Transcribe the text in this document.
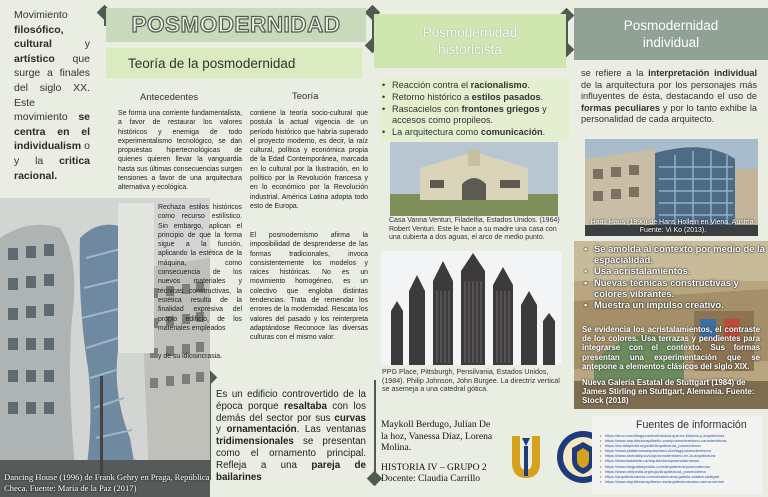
Movimiento filosófico, cultural y artístico que surge a finales del siglo XX. Este movimiento se centra en el individualism o y la critica racional.
Dancing House (1996) de Frank Gehry en Praga, República Checa. Fuente: Maria de la Paz (2017)
POSMODERNIDAD
Teoría de la posmodernidad
Antecedentes	Teoría
Se forma una corriente fundamentalista, a favor de restaurar los valores históricos y enemiga de todo experimentalismo tecnológico, se dan propuestas hipertecnológicas de quienes quieren llevar la vanguardia hasta sus últimas consecuencias surgen tensiones a favor de una arquitectura alternativa y ecológica.
Rechaza estilos históricos como recurso estilístico. Sin embargo, aplican el principio de que la forma sigue a la función, aplicando la estética de la máquina, como consecuencia de los nuevos materiales y técnicas constructivas, la estética resulta de la finalidad expresiva del propio edificio, de los materiales empleados
y de su idiosincrasia.
contiene la teoría socio-cultural que postula la actual vigencia de un período histórico que habría superado el proyecto moderno, es decir, la raíz cultural, política y económica propia de la Edad Contemporánea, marcada en lo cultural por la Ilustración, en lo político por la Revolución francesa y en lo económico por la Revolución industrial. América Latina adopta todo esto de Europa.
El posmodernismo afirma la imposibilidad de desprenderse de las formas tradicionales, invoca consistentemente los modelos y raíces históricas. No es un movimiento homogéneo, es un colectivo que engloba distintas tendencias. Trata de remendar los errores de la modernidad. Rescata los valores del pasado y los reinterpreta adaptándose Reconoce las diversas culturas con el mismo valor.
Es un edificio controvertido de la época porque resaltaba con los demás del sector por sus curvas y ornamentación. Las ventanas tridimensionales se presentan como el ornamento principal. Refleja a una pareja de bailarines
Posmodernidad
historicista
• Reacción contra el racionalismo.
• Retorno histórico a estilos pasados.
• Rascacielos con frontones griegos y accesos como propileos.
• La arquitectura como comunicación.
Casa Vanna Venturi, Filadelfia, Estados Unidos. (1964) Robert Venturi. Este le hace a su madre una casa con una cubierta a dos aguas, el arco de medio punto.
PPG Place, Pittsburgh, Pensilvania, Estados Unidos, (1984). Philip Johnson, John Burgee. La directriz vertical se asemeja a una catedral gótica.
Maykoll Berdugo, Julian De la hoz, Vanessa Díaz, Lorena Molina.
HISTORIA IV – GRUPO 2
Docente: Claudia Carrillo
Posmodernidad
individual
se refiere a la interpretación individual de la arquitectura por los personajes más influyentes de ésta, destacando el uso de formas peculiares y por lo tanto exhibe la personalidad de cada arquitecto.
Haas Haus (1990) de Hans Hollein en Viena, Austria. Fuente: Vi Ko (2013).
• Se amolda al contexto por medio de la espacialidad.
• Usa acristalamientos.
• Nuevas técnicas constructivas y colores vibrantes.
• Muestra un impulso creativo.
Se evidencia los acristalamientos, el contraste de los colores. Usa terrazas y pendientes para integrarse con el contexto. Sus formas presentan una experimentación que se antepone a elementos clásicos del siglo XIX.
Nueva Galería Estatal de Stuttgart (1984) de James Stirling en Stuttgart, Alemania. Fuente: Stock (2018)
Fuentes de información
• https://arco.com/blog/posmodernidad-que-es-historia-y-arquitectura
• https://www.arquitecturaydiseño.com/posmodernismo-caracteristicas
• https://es.wikipedia.org/wiki/Arquitectura_posmoderna
• https://www.plataformaarquitectura.cl/cl/tag/posmodernismo
• https://www.archdaily.co/co/posmodernismo-en-la-arquitectura
• https://historiadelarte.us/arquitectura/posmodernismo
• https://www.biografiasyvidas.com/arquitectos/posmodernos
• https://www.urbipedia.org/hoja/Arquitectura_posmoderna
• https://arquitecturaviva.com/obras/nueva-galeria-estatal-stuttgart
• https://www.arquitecturaydiseno.es/arquitectura/casa-vanna-venturi
